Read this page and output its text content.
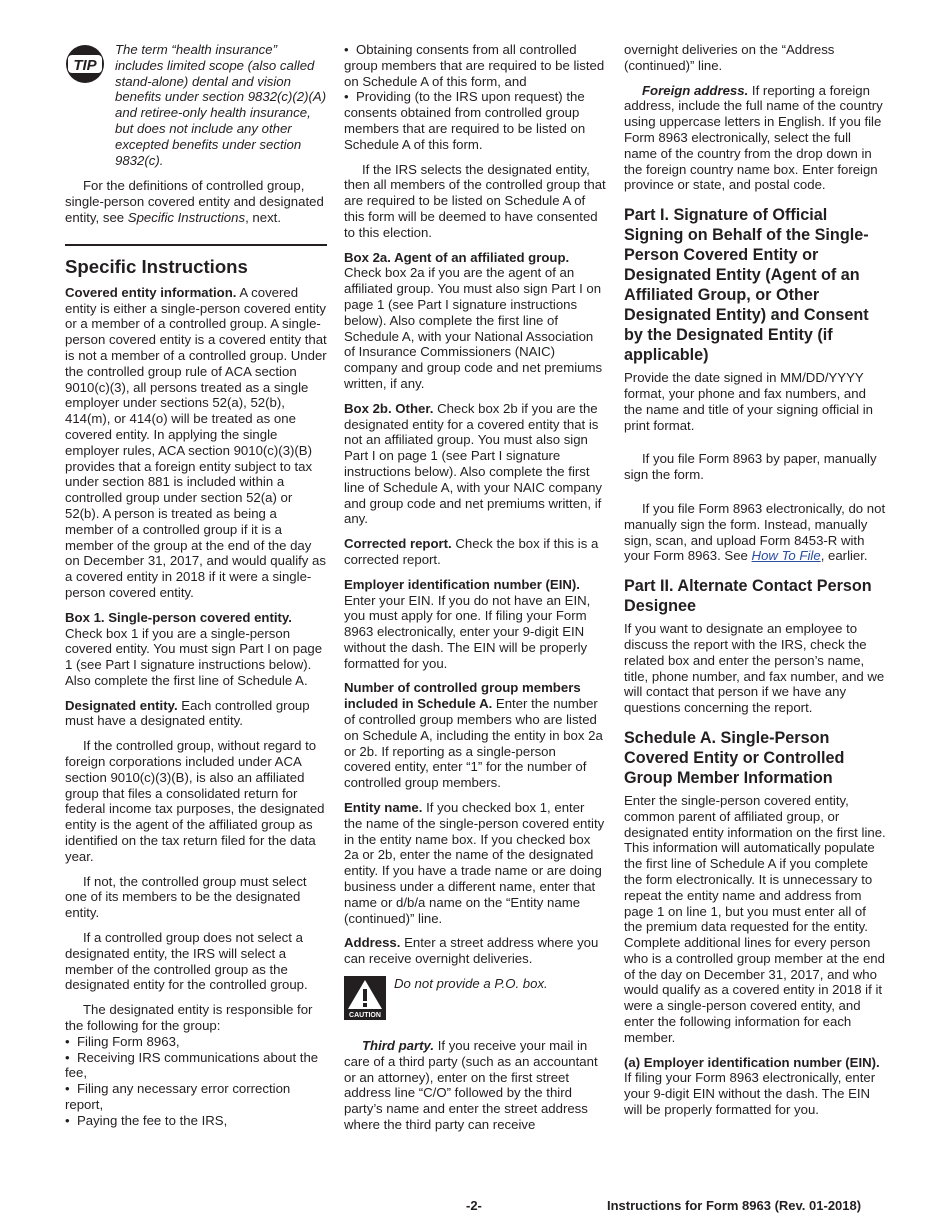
TIP
The term “health insurance” includes limited scope (also called stand-alone) dental and vision benefits under section 9832(c)(2)(A) and retiree-only health insurance, but does not include any other excepted benefits under section 9832(c).

For the definitions of controlled group, single-person covered entity and designated entity, see Specific Instructions, next.

Specific Instructions

Covered entity information. A covered entity is either a single-person covered entity or a member of a controlled group. A single-person covered entity is a covered entity that is not a member of a controlled group. Under the controlled group rule of ACA section 9010(c)(3), all persons treated as a single employer under sections 52(a), 52(b), 414(m), or 414(o) will be treated as one covered entity. In applying the single employer rules, ACA section 9010(c)(3)(B) provides that a foreign entity subject to tax under section 881 is included within a controlled group under section 52(a) or 52(b). A person is treated as being a member of a controlled group if it is a member of the group at the end of the day on December 31, 2017, and would qualify as a covered entity in 2018 if it were a single-person covered entity.

Box 1. Single-person covered entity. Check box 1 if you are a single-person covered entity. You must sign Part I on page 1 (see Part I signature instructions below). Also complete the first line of Schedule A.

Designated entity. Each controlled group must have a designated entity.

If the controlled group, without regard to foreign corporations included under ACA section 9010(c)(3)(B), is also an affiliated group that files a consolidated return for federal income tax purposes, the designated entity is the agent of the affiliated group as identified on the tax return filed for the data year.

If not, the controlled group must select one of its members to be the designated entity.

If a controlled group does not select a designated entity, the IRS will select a member of the controlled group as the designated entity for the controlled group.

The designated entity is responsible for the following for the group:

•  Filing Form 8963,

•  Receiving IRS communications about the fee,

•  Filing any necessary error correction report,

•  Paying the fee to the IRS,

•  Obtaining consents from all controlled group members that are required to be listed on Schedule A of this form, and

•  Providing (to the IRS upon request) the consents obtained from controlled group members that are required to be listed on Schedule A of this form.

If the IRS selects the designated entity, then all members of the controlled group that are required to be listed on Schedule A of this form will be deemed to have consented to this election.

Box 2a. Agent of an affiliated group. Check box 2a if you are the agent of an affiliated group. You must also sign Part I on page 1 (see Part I signature instructions below). Also complete the first line of Schedule A, with your National Association of Insurance Commissioners (NAIC) company and group code and net premiums written, if any.

Box 2b. Other. Check box 2b if you are the designated entity for a covered entity that is not an affiliated group. You must also sign Part I on page 1 (see Part I signature instructions below). Also complete the first line of Schedule A, with your NAIC company and group code and net premiums written, if any.

Corrected report. Check the box if this is a corrected report.

Employer identification number (EIN). Enter your EIN. If you do not have an EIN, you must apply for one. If filing your Form 8963 electronically, enter your 9-digit EIN without the dash. The EIN will be properly formatted for you.

Number of controlled group members included in Schedule A. Enter the number of controlled group members who are listed on Schedule A, including the entity in box 2a or 2b. If reporting as a single-person covered entity, enter “1” for the number of controlled group members.

Entity name. If you checked box 1, enter the name of the single-person covered entity in the entity name box. If you checked box 2a or 2b, enter the name of the designated entity. If you have a trade name or are doing business under a different name, enter that name or d/b/a name on the “Entity name (continued)” line.

Address. Enter a street address where you can receive overnight deliveries.

CAUTION
Do not provide a P.O. box.

Third party. If you receive your mail in care of a third party (such as an accountant or an attorney), enter on the first street address line “C/O” followed by the third party’s name and enter the street address where the third party can receive

overnight deliveries on the “Address (continued)” line.

Foreign address. If reporting a foreign address, include the full name of the country using uppercase letters in English. If you file Form 8963 electronically, select the full name of the country from the drop down in the foreign country name box. Enter foreign province or state, and postal code.

Part I. Signature of Official Signing on Behalf of the Single-Person Covered Entity or Designated Entity (Agent of an Affiliated Group, or Other Designated Entity) and Consent by the Designated Entity (if applicable)

Provide the date signed in MM/DD/YYYY format, your phone and fax numbers, and the name and title of your signing official in print format.

If you file Form 8963 by paper, manually sign the form.

If you file Form 8963 electronically, do not manually sign the form. Instead, manually sign, scan, and upload Form 8453-R with your Form 8963. See How To File, earlier.

Part II. Alternate Contact Person Designee

If you want to designate an employee to discuss the report with the IRS, check the related box and enter the person’s name, title, phone number, and fax number, and we will contact that person if we have any questions concerning the report.

Schedule A. Single-Person Covered Entity or Controlled Group Member Information

Enter the single-person covered entity, common parent of affiliated group, or designated entity information on the first line. This information will automatically populate the first line of Schedule A if you complete the form electronically. It is unnecessary to repeat the entity name and address from page 1 on line 1, but you must enter all of the premium data requested for the entity. Complete additional lines for every person who is a controlled group member at the end of the day on December 31, 2017, and who would qualify as a covered entity in 2018 if it were a single-person covered entity, and enter the following information for each member.

(a) Employer identification number (EIN). If filing your Form 8963 electronically, enter your 9-digit EIN without the dash. The EIN will be properly formatted for you.

-2-	Instructions for Form 8963 (Rev. 01-2018)
